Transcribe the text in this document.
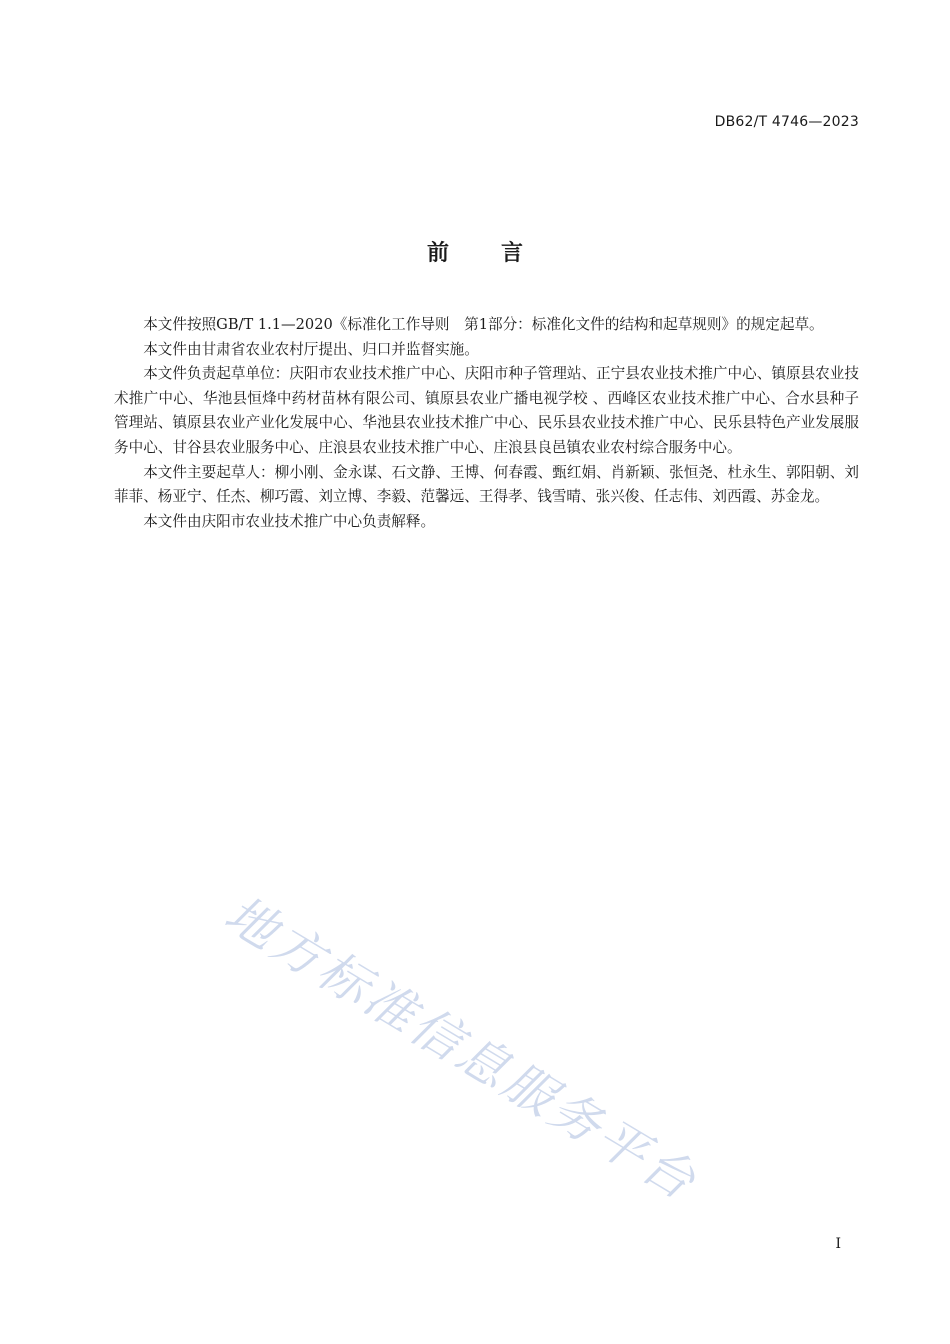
DB62/T 4746—2023
前 言

本文件按照GB/T 1.1—2020《标准化工作导则　第1部分：标准化文件的结构和起草规则》的规定起草。

本文件由甘肃省农业农村厅提出、归口并监督实施。

本文件负责起草单位：庆阳市农业技术推广中心、庆阳市种子管理站、正宁县农业技术推广中心、镇原县农业技术推广中心、华池县恒烽中药材苗林有限公司、镇原县农业广播电视学校 、西峰区农业技术推广中心、合水县种子管理站、镇原县农业产业化发展中心、华池县农业技术推广中心、民乐县农业技术推广中心、民乐县特色产业发展服务中心、甘谷县农业服务中心、庄浪县农业技术推广中心、庄浪县良邑镇农业农村综合服务中心。

本文件主要起草人：柳小刚、金永谋、石文静、王博、何春霞、甄红娟、肖新颖、张恒尧、杜永生、郭阳朝、刘菲菲、杨亚宁、任杰、柳巧霞、刘立博、李毅、范馨远、王得孝、钱雪晴、张兴俊、任志伟、刘西霞、苏金龙。

本文件由庆阳市农业技术推广中心负责解释。

地方标准信息服务平台
I
